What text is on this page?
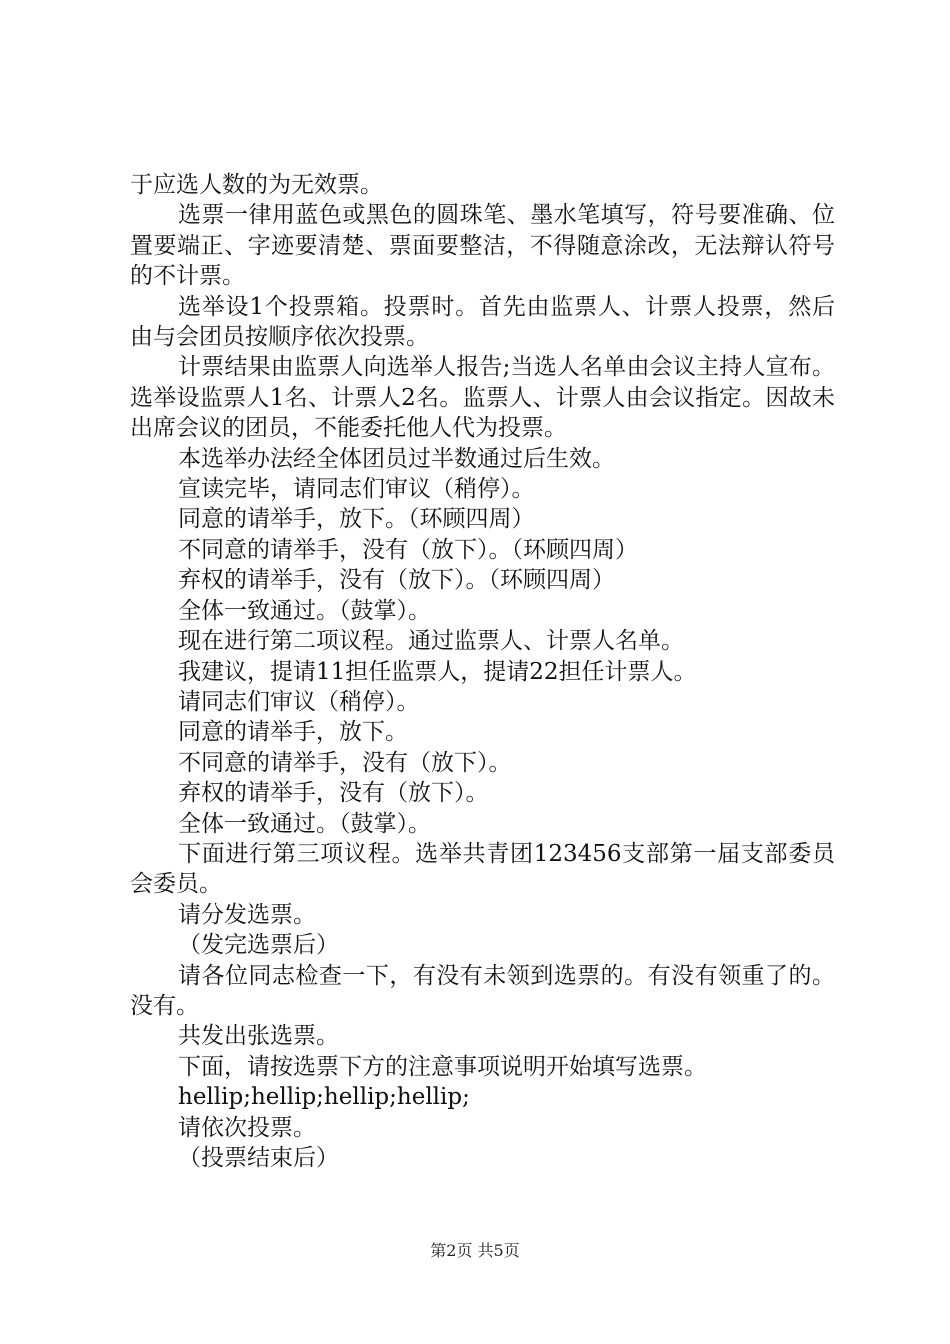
于应选人数的为无效票。

选票一律用蓝色或黑色的圆珠笔、墨水笔填写，符号要准确、位置要端正、字迹要清楚、票面要整洁，不得随意涂改，无法辩认符号的不计票。

选举设1个投票箱。投票时。首先由监票人、计票人投票，然后由与会团员按顺序依次投票。

计票结果由监票人向选举人报告;当选人名单由会议主持人宣布。选举设监票人1名、计票人2名。监票人、计票人由会议指定。因故未出席会议的团员，不能委托他人代为投票。

本选举办法经全体团员过半数通过后生效。

宣读完毕，请同志们审议（稍停）。

同意的请举手，放下。（环顾四周）

不同意的请举手，没有（放下）。（环顾四周）

弃权的请举手，没有（放下）。（环顾四周）

全体一致通过。（鼓掌）。

现在进行第二项议程。通过监票人、计票人名单。

我建议，提请11担任监票人，提请22担任计票人。

请同志们审议（稍停）。

同意的请举手，放下。

不同意的请举手，没有（放下）。

弃权的请举手，没有（放下）。

全体一致通过。（鼓掌）。

下面进行第三项议程。选举共青团123456支部第一届支部委员会委员。

请分发选票。

（发完选票后）

请各位同志检查一下，有没有未领到选票的。有没有领重了的。没有。

共发出张选票。

下面，请按选票下方的注意事项说明开始填写选票。

hellip;hellip;hellip;hellip;

请依次投票。

（投票结束后）

第2页 共5页
